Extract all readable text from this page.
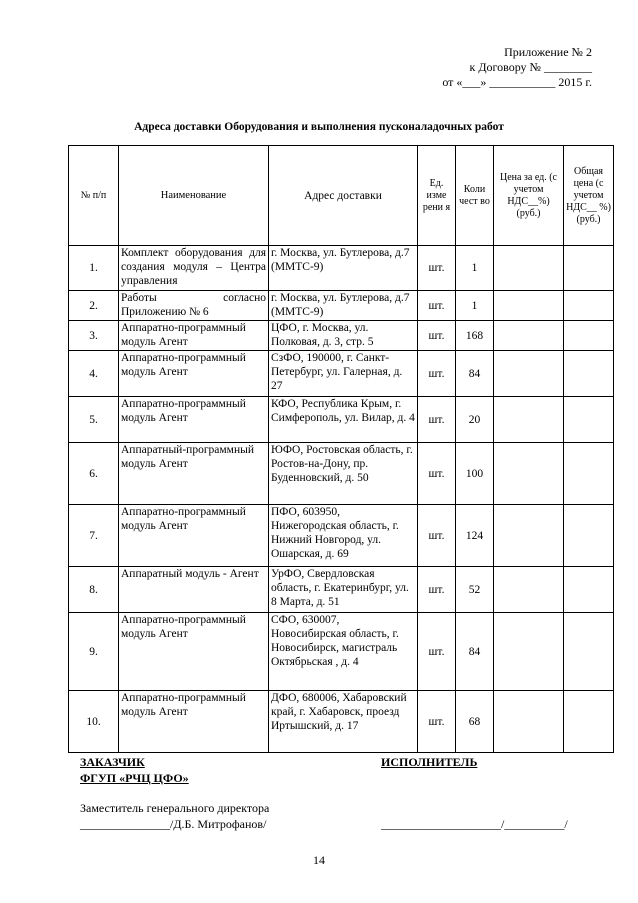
Приложение № 2
к Договору № ________
от «___» ___________ 2015 г.
Адреса доставки Оборудования и выполнения пусконаладочных работ
№ п/п	Наименование	Адрес доставки	Ед. изме рени я	Коли чест во	Цена за ед. (с учетом НДС__%) (руб.)	Общая цена (с учетом НДС__ %) (руб.)
1.	Комплект оборудования для создания модуля – Центра управления	г. Москва, ул. Бутлерова, д.7 (ММТС-9)	шт.	1		
2.	Работы согласно Приложению № 6	г. Москва, ул. Бутлерова, д.7 (ММТС-9)	шт.	1		
3.	Аппаратно-программный модуль Агент	ЦФО, г. Москва, ул. Полковая, д. 3, стр. 5	шт.	168		
4.	Аппаратно-программный модуль Агент	СзФО, 190000, г. Санкт-Петербург, ул. Галерная, д. 27	шт.	84		
5.	Аппаратно-программный модуль Агент	КФО, Республика Крым, г. Симферополь, ул. Вилар, д. 4	шт.	20		
6.	Аппаратный-программный модуль Агент	ЮФО, Ростовская область, г. Ростов-на-Дону, пр. Буденновский, д. 50	шт.	100		
7.	Аппаратно-программный модуль Агент	ПФО, 603950, Нижегородская область, г. Нижний Новгород, ул. Ошарская, д. 69	шт.	124		
8.	Аппаратный модуль - Агент	УрФО, Свердловская область, г. Екатеринбург, ул. 8 Марта, д. 51	шт.	52		
9.	Аппаратно-программный модуль Агент	СФО, 630007, Новосибирская область, г. Новосибирск, магистраль Октябрьская , д. 4	шт.	84		
10.	Аппаратно-программный модуль Агент	ДФО, 680006, Хабаровский край, г. Хабаровск, проезд Иртышский, д. 17	шт.	68		
ЗАКАЗЧИК
ФГУП «РЧЦ ЦФО»
Заместитель генерального директора
_______________/Д.Б. Митрофанов/
ИСПОЛНИТЕЛЬ
____________________/__________/
14
